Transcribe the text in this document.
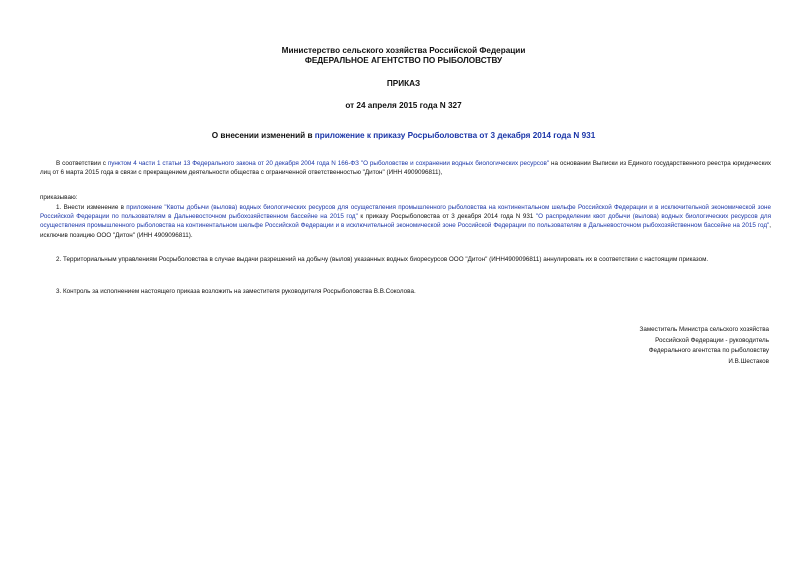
Министерство сельского хозяйства Российской Федерации
ФЕДЕРАЛЬНОЕ АГЕНТСТВО ПО РЫБОЛОВСТВУ
ПРИКАЗ
от 24 апреля 2015 года N 327
О внесении изменений в приложение к приказу Росрыболовства от 3 декабря 2014 года N 931
В соответствии с пунктом 4 части 1 статьи 13 Федерального закона от 20 декабря 2004 года N 166-ФЗ "О рыболовстве и сохранении водных биологических ресурсов" на основании Выписки из Единого государственного реестра юридических лиц от 6 марта 2015 года в связи с прекращением деятельности общества с ограниченной ответственностью "Дитон" (ИНН 4909096811),
приказываю:
1. Внести изменение в приложение "Квоты добычи (вылова) водных биологических ресурсов для осуществления промышленного рыболовства на континентальном шельфе Российской Федерации и в исключительной экономической зоне Российской Федерации по пользователям в Дальневосточном рыбохозяйственном бассейне на 2015 год" к приказу Росрыболовства от 3 декабря 2014 года N 931 "О распределении квот добычи (вылова) водных биологических ресурсов для осуществления промышленного рыболовства на континентальном шельфе Российской Федерации и в исключительной экономической зоне Российской Федерации по пользователям в Дальневосточном рыбохозяйственном бассейне на 2015 год", исключив позицию ООО "Дитон" (ИНН 4909096811).
2. Территориальным управлениям Росрыболовства в случае выдачи разрешений на добычу (вылов) указанных водных биоресурсов ООО "Дитон" (ИНН4909096811) аннулировать их в соответствии с настоящим приказом.
3. Контроль за исполнением настоящего приказа возложить на заместителя руководителя Росрыболовства В.В.Соколова.
Заместитель Министра сельского хозяйства
Российской Федерации - руководитель
Федерального агентства по рыболовству
И.В.Шестаков
